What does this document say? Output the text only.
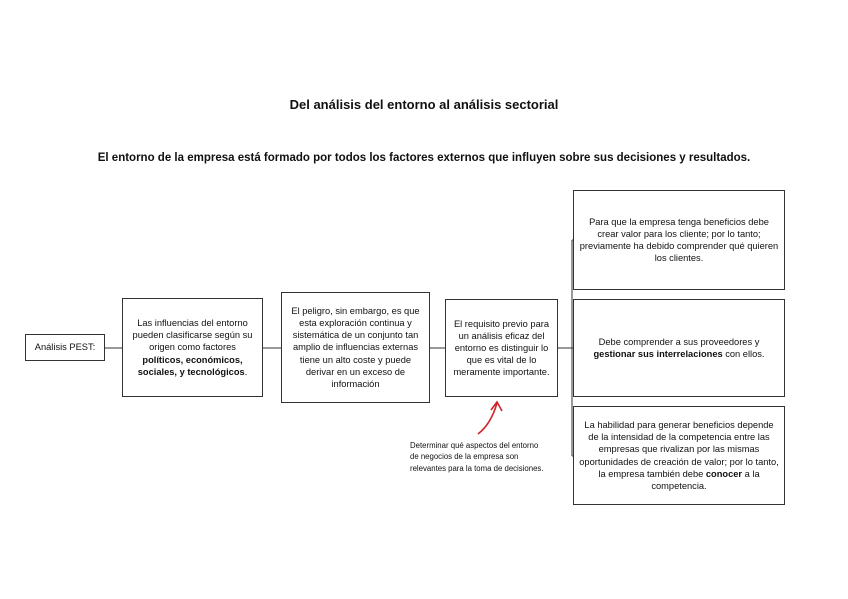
Del análisis del entorno al análisis sectorial
El entorno de la empresa está formado por todos los factores externos que influyen sobre sus decisiones y resultados.
Análisis PEST:
Las influencias del entorno pueden clasificarse según su origen como factores políticos, económicos, sociales, y tecnológicos.
El peligro, sin embargo, es que esta exploración continua y sistemática de un conjunto tan amplio de influencias externas tiene un alto coste y puede derivar en un exceso de información
El requisito previo para un análisis eficaz del entorno es distinguir lo que es vital de lo meramente importante.
Para que la empresa tenga beneficios debe crear valor para los cliente; por lo tanto; previamente ha debido comprender qué quieren los clientes.
Debe comprender a sus proveedores y gestionar sus interrelaciones con ellos.
La habilidad para generar beneficios depende de la intensidad de la competencia entre las empresas que rivalizan por las mismas oportunidades de creación de valor; por lo tanto, la empresa también debe conocer a la competencia.
Determinar qué aspectos del entorno de negocios de la empresa son relevantes para la toma de decisiones.
